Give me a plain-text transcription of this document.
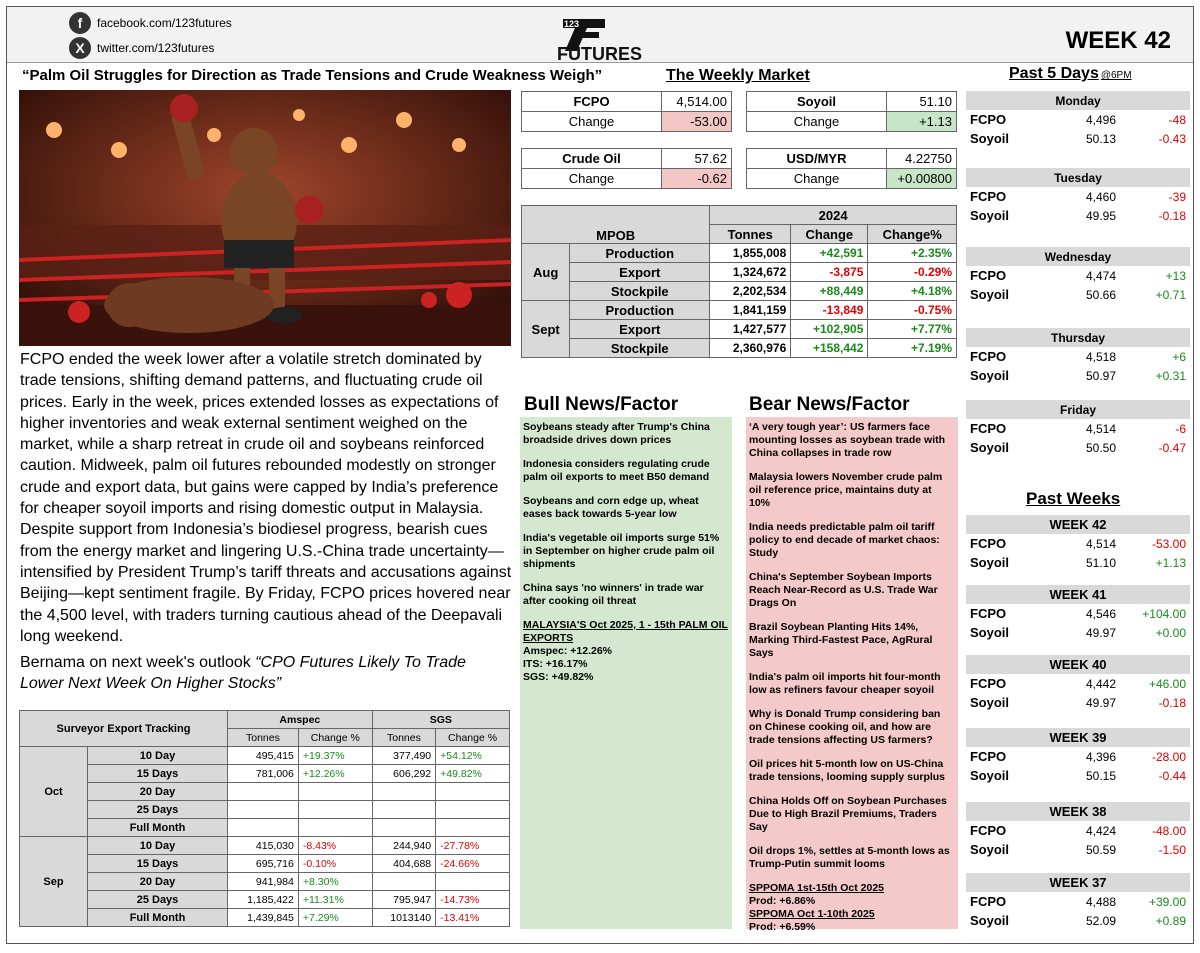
f	facebook.com/123futures
X	twitter.com/123futures
123
FUTURES	WEEK 42
“Palm Oil Struggles for Direction as Trade Tensions and Crude Weakness Weigh”	The Weekly Market	Past 5 Days @6PM
FCPO ended the week lower after a volatile stretch dominated by trade tensions, shifting demand patterns, and fluctuating crude oil prices. Early in the week, prices extended losses as expectations of higher inventories and weak external sentiment weighed on the market, while a sharp retreat in crude oil and soybeans reinforced caution. Midweek, palm oil futures rebounded modestly on stronger crude and export data, but gains were capped by India’s preference for cheaper soyoil imports and rising domestic output in Malaysia. Despite support from Indonesia’s biodiesel progress, bearish cues from the energy market and lingering U.S.-China trade uncertainty—intensified by President Trump’s tariff threats and accusations against Beijing—kept sentiment fragile. By Friday, FCPO prices hovered near the 4,500 level, with traders turning cautious ahead of the Deepavali long weekend.
Bernama on next week's outlook “CPO Futures Likely To Trade Lower Next Week On Higher Stocks”
FCPO	4,514.00
Change	-53.00
Soyoil	51.10
Change	+1.13
Crude Oil	57.62
Change	-0.62
USD/MYR	4.22750
Change	+0.00800
MPOB		2024		
		Tonnes	Change	Change%
Aug	Production	1,855,008	+42,591	+2.35%
	Export	1,324,672	-3,875	-0.29%
	Stockpile	2,202,534	+88,449	+4.18%
Sept	Production	1,841,159	-13,849	-0.75%
	Export	1,427,577	+102,905	+7.77%
	Stockpile	2,360,976	+158,442	+7.19%
Bull News/Factor	Bear News/Factor

Soybeans steady after Trump's China broadside drives down prices

Indonesia considers regulating crude palm oil exports to meet B50 demand

Soybeans and corn edge up, wheat eases back towards 5-year low

India's vegetable oil imports surge 51% in September on higher crude palm oil shipments

China says 'no winners' in trade war after cooking oil threat

MALAYSIA'S Oct 2025, 1 - 15th PALM OIL EXPORTS

Amspec: +12.26%

ITS: +16.17%

SGS: +49.82%

‘A very tough year’: US farmers face mounting losses as soybean trade with China collapses in trade row

Malaysia lowers November crude palm oil reference price, maintains duty at 10%

India needs predictable palm oil tariff policy to end decade of market chaos: Study

China's September Soybean Imports Reach Near-Record as U.S. Trade War Drags On

Brazil Soybean Planting Hits 14%, Marking Third-Fastest Pace, AgRural Says

India's palm oil imports hit four-month low as refiners favour cheaper soyoil

Why is Donald Trump considering ban on Chinese cooking oil, and how are trade tensions affecting US farmers?

Oil prices hit 5-month low on US-China trade tensions, looming supply surplus

China Holds Off on Soybean Purchases Due to High Brazil Premiums, Traders Say

Oil drops 1%, settles at 5-month lows as Trump-Putin summit looms

SPPOMA 1st-15th Oct 2025

Prod: +6.86%

SPPOMA Oct 1-10th 2025

Prod: +6.59%

Surveyor Export Tracking		Amspec		SGS	
		Tonnes	Change %	Tonnes	Change %
Oct	10 Day	495,415	+19.37%	377,490	+54.12%
	15 Days	781,006	+12.26%	606,292	+49.82%
	20 Day				
	25 Days				
	Full Month				
Sep	10 Day	415,030	-8.43%	244,940	-27.78%
	15 Days	695,716	-0.10%	404,688	-24.66%
	20 Day	941,984	+8.30%		
	25 Days	1,185,422	+11.31%	795,947	-14.73%
	Full Month	1,439,845	+7.29%	1013140	-13.41%
Past Weeks
Monday		
FCPO	4,496	-48
Soyoil	50.13	-0.43
Tuesday		
FCPO	4,460	-39
Soyoil	49.95	-0.18
Wednesday		
FCPO	4,474	+13
Soyoil	50.66	+0.71
Thursday		
FCPO	4,518	+6
Soyoil	50.97	+0.31
Friday		
FCPO	4,514	-6
Soyoil	50.50	-0.47
WEEK 42		
FCPO	4,514	-53.00
Soyoil	51.10	+1.13
WEEK 41		
FCPO	4,546	+104.00
Soyoil	49.97	+0.00
WEEK 40		
FCPO	4,442	+46.00
Soyoil	49.97	-0.18
WEEK 39		
FCPO	4,396	-28.00
Soyoil	50.15	-0.44
WEEK 38		
FCPO	4,424	-48.00
Soyoil	50.59	-1.50
WEEK 37		
FCPO	4,488	+39.00
Soyoil	52.09	+0.89
